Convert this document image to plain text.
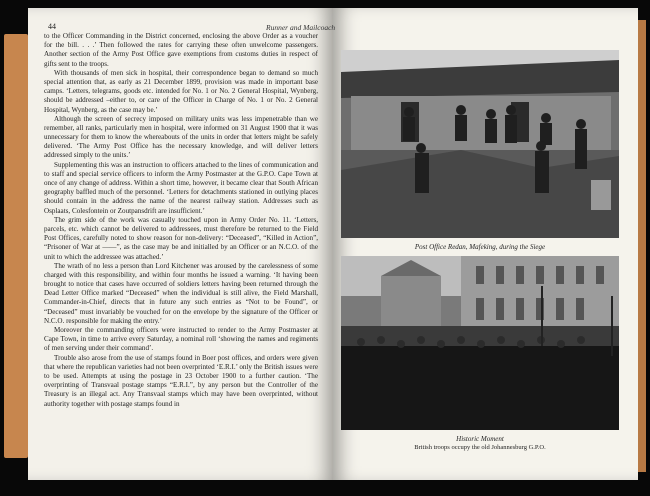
44	Runner and Mailcoach

to the Officer Commanding in the District concerned, enclosing the above Order as a voucher for the bill. . . .’ Then followed the rates for carrying these often unwelcome passengers. Another section of the Army Post Office gave exemptions from customs duties in respect of gifts sent to the troops.

With thousands of men sick in hospital, their correspondence began to demand so much special attention that, as early as 21 December 1899, provision was made in important base camps. ‘Letters, telegrams, goods etc. intended for No. 1 or No. 2 General Hospital, Wynberg, should be addressed –either to, or care of the Officer in Charge of No. 1 or No. 2 General Hospital, Wynberg, as the case may be.’

Although the screen of secrecy imposed on military units was less impenetrable than we remember, all ranks, particularly men in hospital, were informed on 31 August 1900 that it was unnecessary for them to know the whereabouts of the units in order that letters might be safely delivered. ‘The Army Post Office has the necessary knowledge, and will deliver letters addressed simply to the units.’

Supplementing this was an instruction to officers attached to the lines of communication and to staff and special service officers to inform the Army Postmaster at the G.P.O. Cape Town at once of any change of address. Within a short time, however, it became clear that South African geography baffled much of the personnel. ‘Letters for detachments stationed in outlying places should contain in the address the name of the nearest railway station. Addresses such as Osplaats, Colesfontein or Zoutpansdrift are insufficient.’

The grim side of the work was casually touched upon in Army Order No. 11. ‘Letters, parcels, etc. which cannot be delivered to addressees, must therefore be returned to the Field Post Offices, carefully noted to show reason for non-delivery: “Deceased”, “Killed in Action”, “Prisoner of War at ——”, as the case may be and initialled by an Officer or an N.C.O. of the unit to which the addressee was attached.’

The wrath of no less a person than Lord Kitchener was aroused by the carelessness of some charged with this responsibility, and within four months he issued a warning. ‘It having been brought to notice that cases have occurred of soldiers letters having been returned through the Dead Letter Office marked “Deceased” when the individual is still alive, the Field Marshall, Commander-in-Chief, directs that in future any such entries as “Not to be Found”, or “Deceased” must invariably be vouched for on the envelope by the signature of the Officer or N.C.O. responsible for making the entry.’

Moreover the commanding officers were instructed to render to the Army Postmaster at Cape Town, in time to arrive every Saturday, a nominal roll ‘showing the names and regiments of men serving under their command’.

Trouble also arose from the use of stamps found in Boer post offices, and orders were given that where the republican varieties had not been overprinted ‘E.R.I.’ only the British issues were to be used. Attempts at using the postage in 23 October 1900 to a further caution. ‘The overprinting of Transvaal postage stamps “E.R.I.”, by any person but the Controller of the Treasury is an illegal act. Any Transvaal stamps which may have been overprinted, without authority together with postage stamps found in

Post Office Redan, Mafeking, during the Siege
Historic Moment
British troops occupy the old Johannesburg G.P.O.
